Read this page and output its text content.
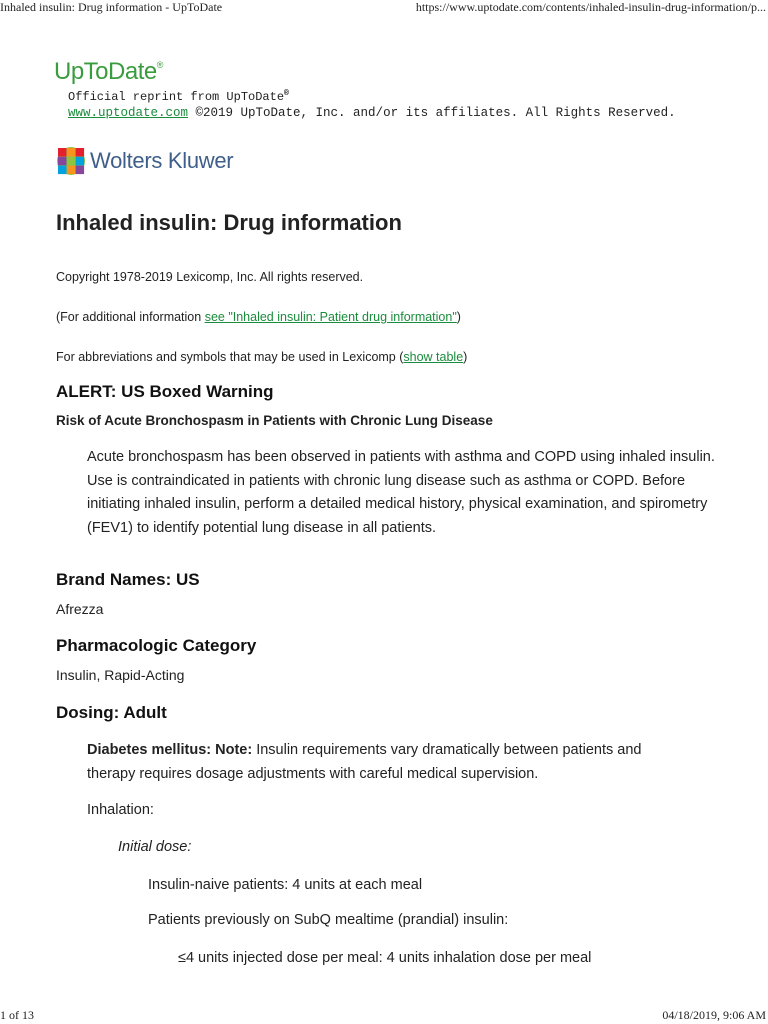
Inhaled insulin: Drug information - UpToDate	https://www.uptodate.com/contents/inhaled-insulin-drug-information/p...
UpToDate®
Official reprint from UpToDate®
www.uptodate.com ©2019 UpToDate, Inc. and/or its affiliates. All Rights Reserved.
Wolters Kluwer
Inhaled insulin: Drug information
Copyright 1978-2019 Lexicomp, Inc. All rights reserved.
(For additional information see "Inhaled insulin: Patient drug information")
For abbreviations and symbols that may be used in Lexicomp (show table)
ALERT: US Boxed Warning
Risk of Acute Bronchospasm in Patients with Chronic Lung Disease

Acute bronchospasm has been observed in patients with asthma and COPD using inhaled insulin. Use is contraindicated in patients with chronic lung disease such as asthma or COPD. Before initiating inhaled insulin, perform a detailed medical history, physical examination, and spirometry (FEV1) to identify potential lung disease in all patients.

Brand Names: US
Afrezza
Pharmacologic Category
Insulin, Rapid-Acting
Dosing: Adult
Diabetes mellitus: Note: Insulin requirements vary dramatically between patients and
therapy requires dosage adjustments with careful medical supervision.
Inhalation:
Initial dose:
Insulin-naive patients: 4 units at each meal
Patients previously on SubQ mealtime (prandial) insulin:
≤4 units injected dose per meal: 4 units inhalation dose per meal
1 of 13	04/18/2019, 9:06 AM
